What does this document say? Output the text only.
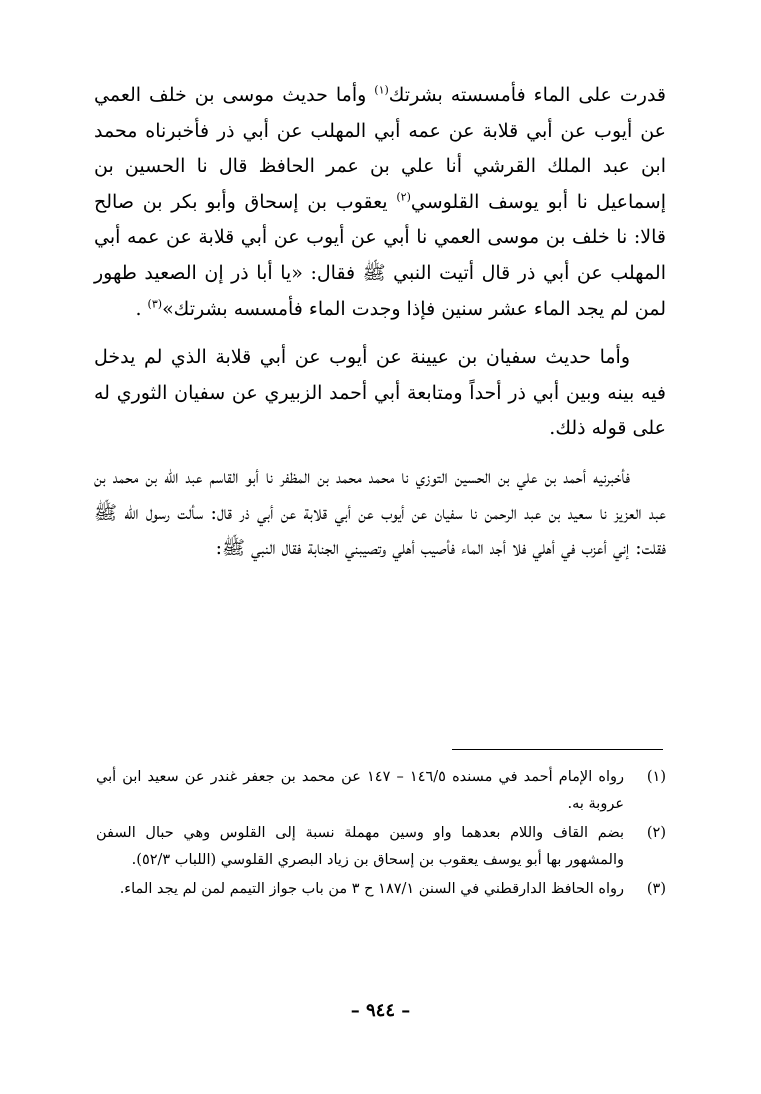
قدرت على الماء فأمسسته بشرتك$^{(١)}$ وأما حديث موسى بن خلف العمي عن أيوب عن أبي قلابة عن عمه أبي المهلب عن أبي ذر فأخبرناه محمد ابن عبد الملك القرشي أنا علي بن عمر الحافظ قال نا الحسين بن إسماعيل نا أبو يوسف القلوسي$^{(٢)}$ يعقوب بن إسحاق وأبو بكر بن صالح قالا: نا خلف بن موسى العمي نا أبي عن أيوب عن أبي قلابة عن عمه أبي المهلب عن أبي ذر قال أتيت النبي ﷺ فقال: «يا أبا ذر إن الصعيد طهور لمن لم يجد الماء عشر سنين فإذا وجدت الماء فأمسسه بشرتك»$^{(٣)}$ .

وأما حديث سفيان بن عيينة عن أيوب عن أبي قلابة الذي لم يدخل فيه بينه وبين أبي ذر أحداً ومتابعة أبي أحمد الزبيري عن سفيان الثوري له على قوله ذلك.

فأخبرنيه أحمد بن علي بن الحسين التوزي نا محمد محمد بن المظفر نا أبو القاسم عبد الله بن محمد بن عبد العزيز نا سعيد بن عبد الرحمن نا سفيان عن أيوب عن أبي قلابة عن أبي ذر قال: سألت رسول الله ﷺ فقلت: إني أعزب في أهلي فلا أجد الماء فأصيب أهلي وتصيبني الجنابة فقال النبي ﷺ:

(١)
رواه الإمام أحمد في مسنده ١٤٦/٥ – ١٤٧ عن محمد بن جعفر غندر عن سعيد ابن أبي عروبة به.
(٢)
بضم القاف واللام بعدهما واو وسين مهملة نسبة إلى القلوس وهي حبال السفن والمشهور بها أبو يوسف يعقوب بن إسحاق بن زياد البصري القلوسي (اللباب ٥٢/٣).
(٣)
رواه الحافظ الدارقطني في السنن ١٨٧/١ ح ٣ من باب جواز التيمم لمن لم يجد الماء.
– ٩٤٤ –
